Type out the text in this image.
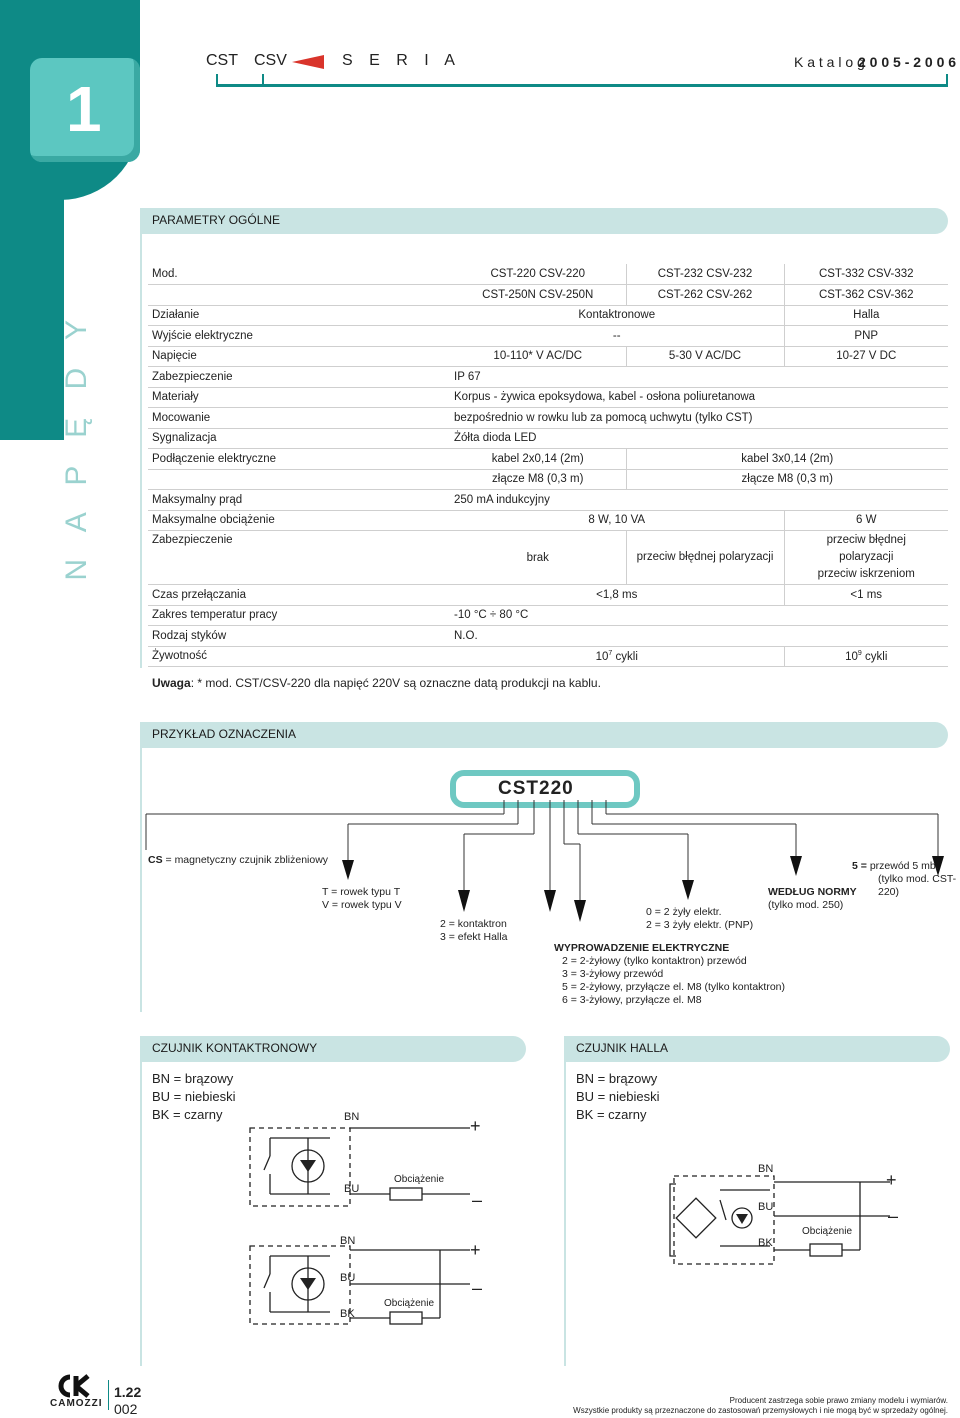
1
N A P Ę D Y
CST CSV	S E R I A	K a t a l o g
2 0 0 5 - 2 0 0 6
PARAMETRY OGÓLNE
Mod.	CST-220 CSV-220	CST-232 CSV-232	CST-332 CSV-332
	CST-250N CSV-250N	CST-262 CSV-262	CST-362 CSV-362
Działanie	Kontaktronowe		Halla
Wyjście elektryczne	--		PNP
Napięcie	10-110* V AC/DC	5-30 V AC/DC	10-27 V DC
Zabezpieczenie	IP 67		
Materiały	Korpus - żywica epoksydowa, kabel - osłona poliuretanowa		
Mocowanie	bezpośrednio w rowku lub za pomocą uchwytu (tylko CST)		
Sygnalizacja	Żółta dioda LED		
Podłączenie elektryczne	kabel 2x0,14 (2m)	kabel 3x0,14 (2m)	
	złącze M8 (0,3 m)	złącze M8 (0,3 m)	
Maksymalny prąd	250 mA indukcyjny		
Maksymalne obciążenie	8 W, 10 VA		6 W
Zabezpieczenie	brak	przeciw błędnej polaryzacji	przeciw błędnej
polaryzacji
przeciw iskrzeniom

Czas przełączania	<1,8 ms		<1 ms
Zakres temperatur pracy	-10 °C ÷ 80 °C		
Rodzaj styków	N.O.		
Żywotność	$10^7$ cykli		$10^9$ cykli
Uwaga: * mod. CST/CSV-220 dla napięć 220V są oznaczne datą produkcji na kablu.
PRZYKŁAD OZNACZENIA
CST220
CS = magnetyczny czujnik zbliżeniowy
T = rowek typu T
V = rowek typu V
2 = kontaktron
3 = efekt Halla
0 = 2 żyły elektr.
2 = 3 żyły elektr. (PNP)
WYPROWADZENIE ELEKTRYCZNE
2 = 2-żyłowy (tylko kontaktron) przewód
3 = 3-żyłowy przewód
5 = 2-żyłowy, przyłącze el. M8 (tylko kontaktron)
6 = 3-żyłowy, przyłącze el. M8
WEDŁUG NORMY
(tylko mod. 250)
5 = przewód 5 mb.
(tylko mod. CST-220)
CZUJNIK KONTAKTRONOWY
BN = brązowy
BU = niebieski
BK = czarny	BN	+
BU
–
Obciążenie
BN	+
BU	–
BK
Obciążenie
CZUJNIK HALLA
BN = brązowy
BU = niebieski
BK = czarny
BN
+
BU	–
BK
Obciążenie
CAMOZZI
1.22
002
Producent zastrzega sobie prawo zmiany modelu i wymiarów.
Wszystkie produkty są przeznaczone do zastosowań przemysłowych i nie mogą być w sprzedaży ogólnej.
